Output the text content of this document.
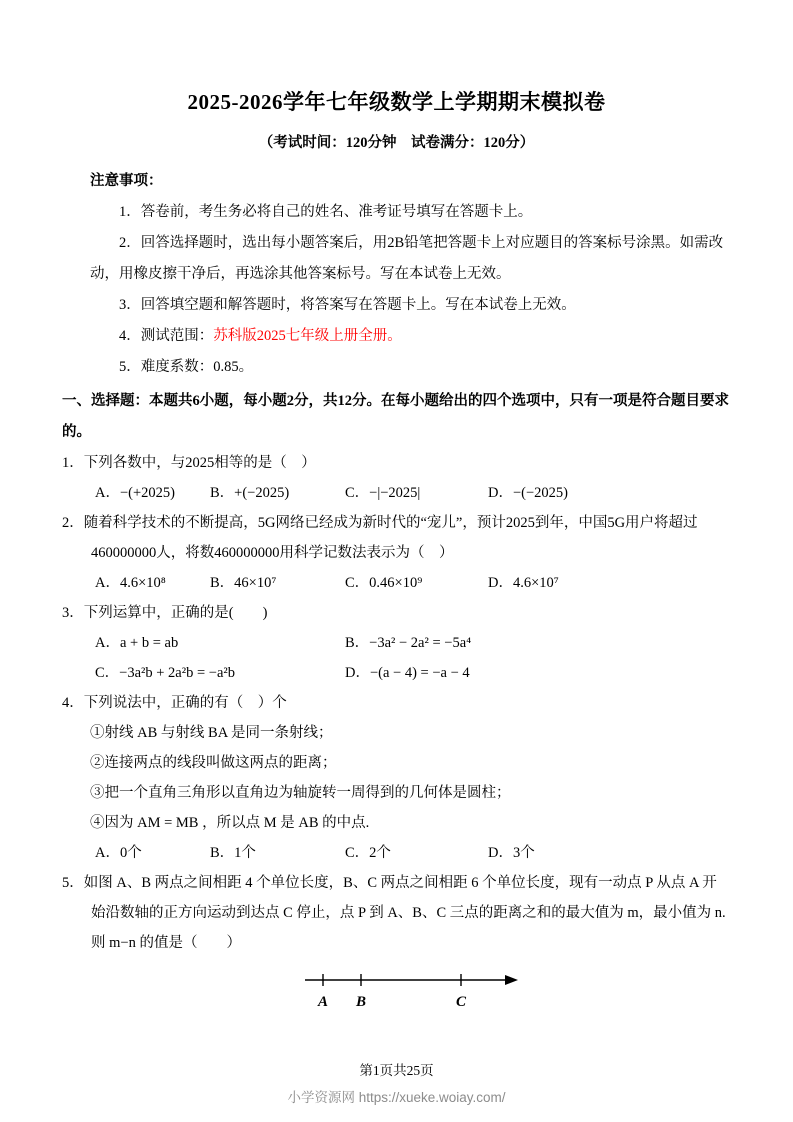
2025-2026学年七年级数学上学期期末模拟卷
（考试时间：120分钟　试卷满分：120分）
注意事项：

1．答卷前，考生务必将自己的姓名、准考证号填写在答题卡上。

2．回答选择题时，选出每小题答案后，用2B铅笔把答题卡上对应题目的答案标号涂黑。如需改动，用橡皮擦干净后，再选涂其他答案标号。写在本试卷上无效。

3．回答填空题和解答题时，将答案写在答题卡上。写在本试卷上无效。

4．测试范围：苏科版2025七年级上册全册。

5．难度系数：0.85。

一、选择题：本题共6小题，每小题2分，共12分。在每小题给出的四个选项中，只有一项是符合题目要求的。

1．下列各数中，与2025相等的是（　）

A．−(+2025)	B．+(−2025)	C．−|−2025|	D．−(−2025)

2．随着科学技术的不断提高，5G网络已经成为新时代的“宠儿”，预计2025到年，中国5G用户将超过460000000人，将数460000000用科学记数法表示为（　）

A．4.6×10⁸	B．46×10⁷	C．0.46×10⁹	D．4.6×10⁷

3．下列运算中，正确的是(　　)

A．a + b = ab	B．−3a² − 2a² = −5a⁴
C．−3a²b + 2a²b = −a²b	D．−(a − 4) = −a − 4

4．下列说法中，正确的有（　）个

①射线 AB 与射线 BA 是同一条射线；

②连接两点的线段叫做这两点的距离；

③把一个直角三角形以直角边为轴旋转一周得到的几何体是圆柱；

④因为 AM = MB ，所以点 M 是 AB 的中点.

A．0个	B．1个	C．2个	D．3个

5．如图 A、B 两点之间相距 4 个单位长度，B、C 两点之间相距 6 个单位长度，现有一动点 P 从点 A 开始沿数轴的正方向运动到达点 C 停止，点 P 到 A、B、C 三点的距离之和的最大值为 m，最小值为 n. 则 m−n 的值是（　　）

A B	C

第1页共25页

小学资源网 https://xueke.woiay.com/
